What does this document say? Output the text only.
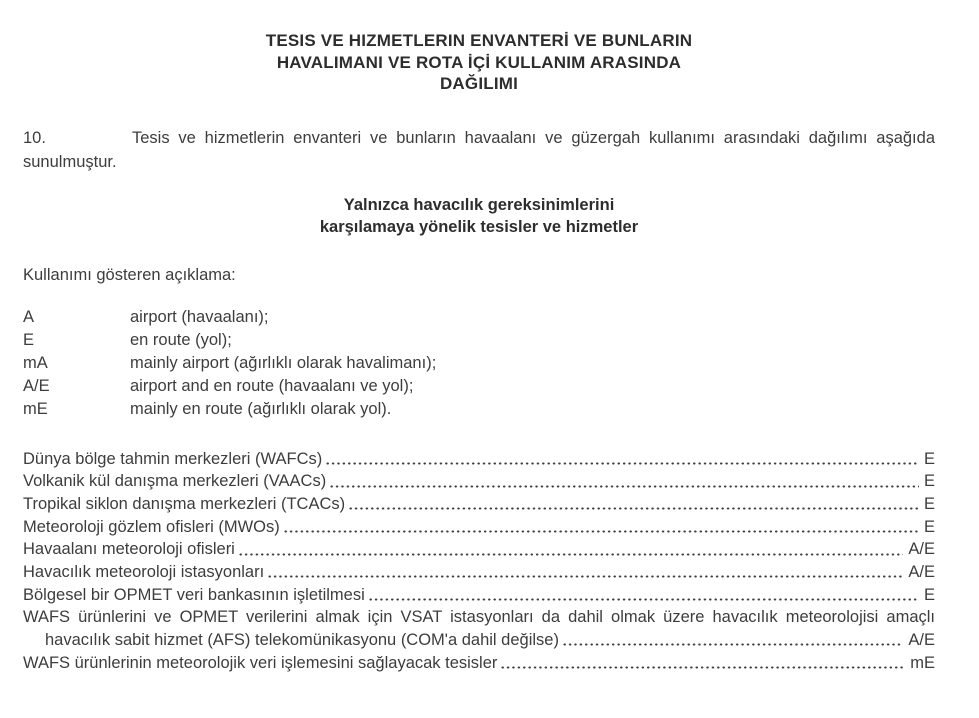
TESIS VE HIZMETLERIN ENVANTERİ VE BUNLARIN
HAVALIMANI VE ROTA İÇİ KULLANIM ARASINDA
DAĞILIMI

10.	Tesis ve hizmetlerin envanteri ve bunların havaalanı ve güzergah kullanımı arasındaki dağılımı aşağıda sunulmuştur.

Yalnızca havacılık gereksinimlerini
karşılamaya yönelik tesisler ve hizmetler

Kullanımı gösteren açıklama:

A	airport (havaalanı);
E	en route (yol);
mA	mainly airport (ağırlıklı olarak havalimanı);
A/E	airport and en route (havaalanı ve yol);
mE	mainly en route (ağırlıklı olarak yol).
Dünya bölge tahmin merkezleri (WAFCs)	E
Volkanik kül danışma merkezleri (VAACs)	E
Tropikal siklon danışma merkezleri (TCACs)	E
Meteoroloji gözlem ofisleri (MWOs)	E
Havaalanı meteoroloji ofisleri	A/E
Havacılık meteoroloji istasyonları	A/E
Bölgesel bir OPMET veri bankasının işletilmesi	E
WAFS ürünlerini ve OPMET verilerini almak için VSAT istasyonları da dahil olmak üzere havacılık meteorolojisi amaçlı
havacılık sabit hizmet (AFS) telekomünikasyonu (COM'a dahil değilse)	A/E
WAFS ürünlerinin meteorolojik veri işlemesini sağlayacak tesisler	mE
